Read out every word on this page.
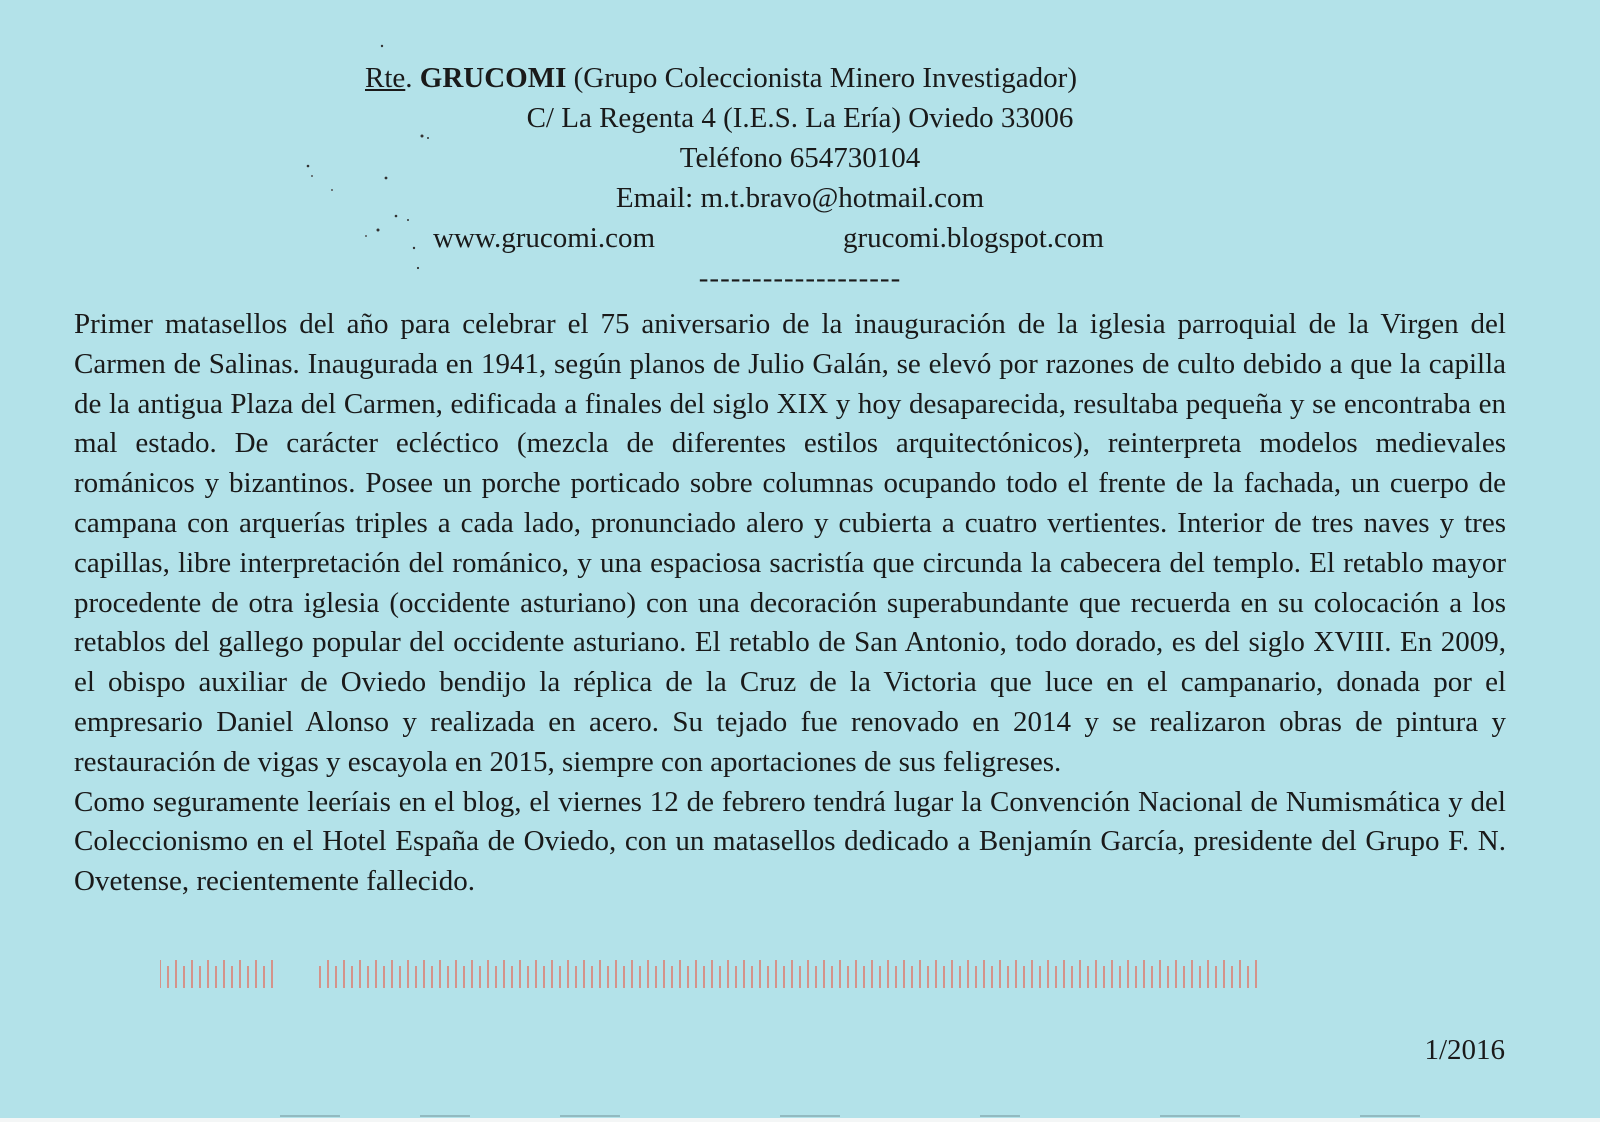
Rte. GRUCOMI (Grupo Coleccionista Minero Investigador)
C/ La Regenta 4 (I.E.S. La Ería) Oviedo 33006
Teléfono 654730104
Email: m.t.bravo@hotmail.com
www.grucomi.com	grucomi.blogspot.com
-------------------

Primer matasellos del año para celebrar el 75 aniversario de la inauguración de la iglesia parroquial de la Virgen del Carmen de Salinas. Inaugurada en 1941, según planos de Julio Galán, se elevó por razones de culto debido a que la capilla de la antigua Plaza del Carmen, edificada a finales del siglo XIX y hoy desaparecida, resultaba pequeña y se encontraba en mal estado. De carácter ecléctico (mezcla de diferentes estilos arquitectónicos), reinterpreta modelos medievales románicos y bizantinos. Posee un porche porticado sobre columnas ocupando todo el frente de la fachada, un cuerpo de campana con arquerías triples a cada lado, pronunciado alero y cubierta a cuatro vertientes. Interior de tres naves y tres capillas, libre interpretación del románico, y una espaciosa sacristía que circunda la cabecera del templo. El retablo mayor procedente de otra iglesia (occidente asturiano) con una decoración superabundante que recuerda en su colocación a los retablos del gallego popular del occidente asturiano. El retablo de San Antonio, todo dorado, es del siglo XVIII. En 2009, el obispo auxiliar de Oviedo bendijo la réplica de la Cruz de la Victoria que luce en el campanario, donada por el empresario Daniel Alonso y realizada en acero. Su tejado fue renovado en 2014 y se realizaron obras de pintura y restauración de vigas y escayola en 2015, siempre con aportaciones de sus feligreses.

Como seguramente leeríais en el blog, el viernes 12 de febrero tendrá lugar la Convención Nacional de Numismática y del Coleccionismo en el Hotel España de Oviedo, con un matasellos dedicado a Benjamín García, presidente del Grupo F. N. Ovetense, recientemente fallecido.

1/2016
